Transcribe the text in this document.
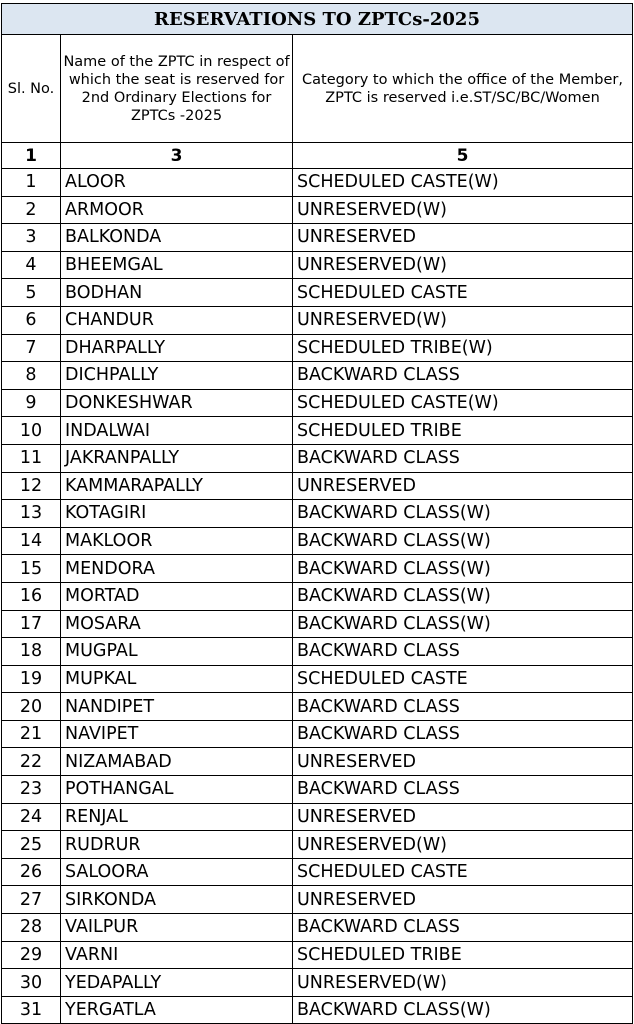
RESERVATIONS TO ZPTCs-2025		
Sl. No.	Name of the ZPTC in respect of which the seat is reserved for 2nd Ordinary Elections for ZPTCs -2025	Category to which the office of the Member, ZPTC is reserved i.e.ST/SC/BC/Women
1	3	5
1	ALOOR	SCHEDULED CASTE(W)
2	ARMOOR	UNRESERVED(W)
3	BALKONDA	UNRESERVED
4	BHEEMGAL	UNRESERVED(W)
5	BODHAN	SCHEDULED CASTE
6	CHANDUR	UNRESERVED(W)
7	DHARPALLY	SCHEDULED TRIBE(W)
8	DICHPALLY	BACKWARD CLASS
9	DONKESHWAR	SCHEDULED CASTE(W)
10	INDALWAI	SCHEDULED TRIBE
11	JAKRANPALLY	BACKWARD CLASS
12	KAMMARAPALLY	UNRESERVED
13	KOTAGIRI	BACKWARD CLASS(W)
14	MAKLOOR	BACKWARD CLASS(W)
15	MENDORA	BACKWARD CLASS(W)
16	MORTAD	BACKWARD CLASS(W)
17	MOSARA	BACKWARD CLASS(W)
18	MUGPAL	BACKWARD CLASS
19	MUPKAL	SCHEDULED CASTE
20	NANDIPET	BACKWARD CLASS
21	NAVIPET	BACKWARD CLASS
22	NIZAMABAD	UNRESERVED
23	POTHANGAL	BACKWARD CLASS
24	RENJAL	UNRESERVED
25	RUDRUR	UNRESERVED(W)
26	SALOORA	SCHEDULED CASTE
27	SIRKONDA	UNRESERVED
28	VAILPUR	BACKWARD CLASS
29	VARNI	SCHEDULED TRIBE
30	YEDAPALLY	UNRESERVED(W)
31	YERGATLA	BACKWARD CLASS(W)
